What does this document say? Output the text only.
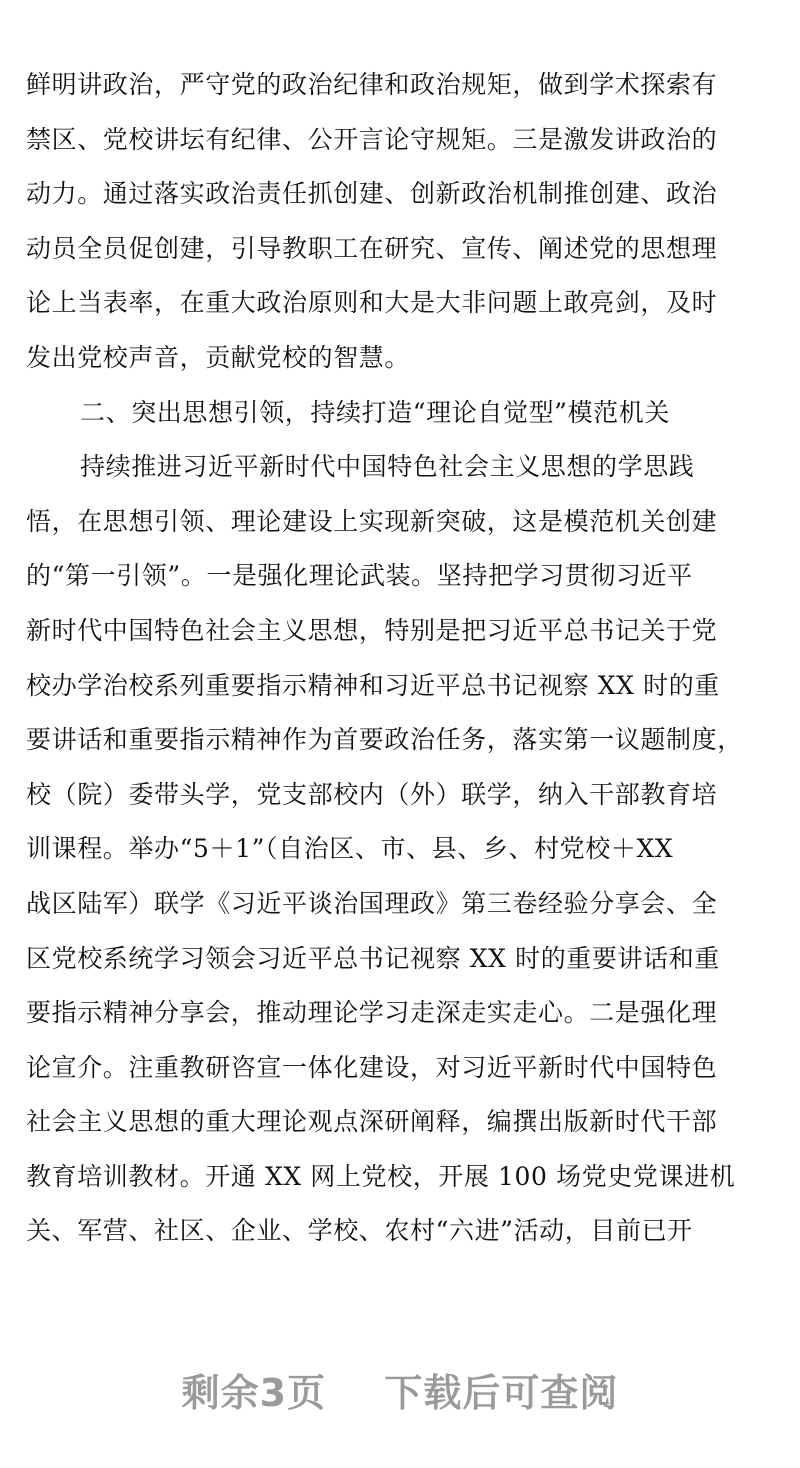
鲜明讲政治，严守党的政治纪律和政治规矩，做到学术探索有
禁区、党校讲坛有纪律、公开言论守规矩。三是激发讲政治的
动力。通过落实政治责任抓创建、创新政治机制推创建、政治
动员全员促创建，引导教职工在研究、宣传、阐述党的思想理
论上当表率，在重大政治原则和大是大非问题上敢亮剑，及时
发出党校声音，贡献党校的智慧。
二、突出思想引领，持续打造“理论自觉型”模范机关
持续推进习近平新时代中国特色社会主义思想的学思践
悟，在思想引领、理论建设上实现新突破，这是模范机关创建
的“第一引领”。一是强化理论武装。坚持把学习贯彻习近平
新时代中国特色社会主义思想，特别是把习近平总书记关于党
校办学治校系列重要指示精神和习近平总书记视察 XX 时的重
要讲话和重要指示精神作为首要政治任务，落实第一议题制度，
校（院）委带头学，党支部校内（外）联学，纳入干部教育培
训课程。举办“5＋1”（自治区、市、县、乡、村党校＋XX
战区陆军）联学《习近平谈治国理政》第三卷经验分享会、全
区党校系统学习领会习近平总书记视察 XX 时的重要讲话和重
要指示精神分享会，推动理论学习走深走实走心。二是强化理
论宣介。注重教研咨宣一体化建设，对习近平新时代中国特色
社会主义思想的重大理论观点深研阐释，编撰出版新时代干部
教育培训教材。开通 XX 网上党校，开展 100 场党史党课进机
关、军营、社区、企业、学校、农村“六进”活动，目前已开
剩余3页 下载后可查阅
